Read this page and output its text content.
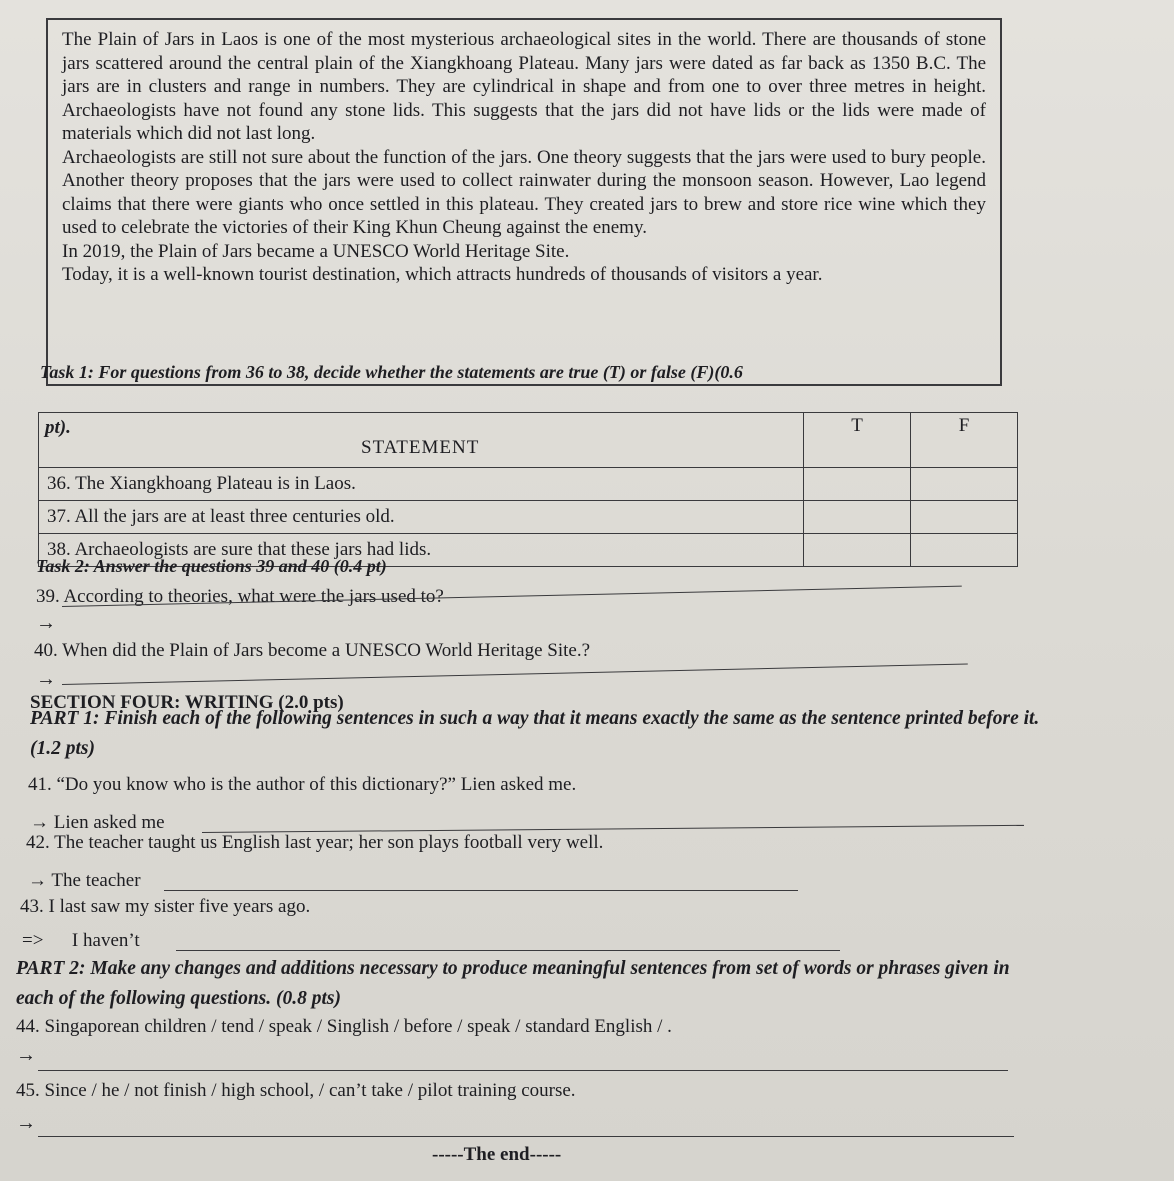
The Plain of Jars in Laos is one of the most mysterious archaeological sites in the world. There are thousands of stone jars scattered around the central plain of the Xiangkhoang Plateau. Many jars were dated as far back as 1350 B.C. The jars are in clusters and range in numbers. They are cylindrical in shape and from one to over three metres in height. Archaeologists have not found any stone lids. This suggests that the jars did not have lids or the lids were made of materials which did not last long.

Archaeologists are still not sure about the function of the jars. One theory suggests that the jars were used to bury people. Another theory proposes that the jars were used to collect rainwater during the monsoon season. However, Lao legend claims that there were giants who once settled in this plateau. They created jars to brew and store rice wine which they used to celebrate the victories of their King Khun Cheung against the enemy.

In 2019, the Plain of Jars became a UNESCO World Heritage Site.

Today, it is a well-known tourist destination, which attracts hundreds of thousands of visitors a year.

Task 1: For questions from 36 to 38, decide whether the statements are true (T) or false (F)(0.6
pt).
STATEMENT	T	F
36. The Xiangkhoang Plateau is in Laos.		
37. All the jars are at least three centuries old.		
38. Archaeologists are sure that these jars had lids.		
Task 2: Answer the questions 39 and 40 (0.4 pt)
39. According to theories, what were the jars used to?
→
40. When did the Plain of Jars become a UNESCO World Heritage Site.?
→
SECTION FOUR: WRITING (2.0 pts)
PART 1: Finish each of the following sentences in such a way that it means exactly the same as the sentence printed before it. (1.2 pts)
41. “Do you know who is the author of this dictionary?” Lien asked me.
→ Lien asked me
42. The teacher taught us English last year; her son plays football very well.
→ The teacher
43. I last saw my sister five years ago.
=>      I haven’t
PART 2: Make any changes and additions necessary to produce meaningful sentences from set of words or phrases given in each of the following questions. (0.8 pts)
44. Singaporean children / tend / speak / Singlish / before / speak / standard English / .
→
45. Since / he / not finish / high school, / can’t take / pilot training course.
→
-----The end-----
